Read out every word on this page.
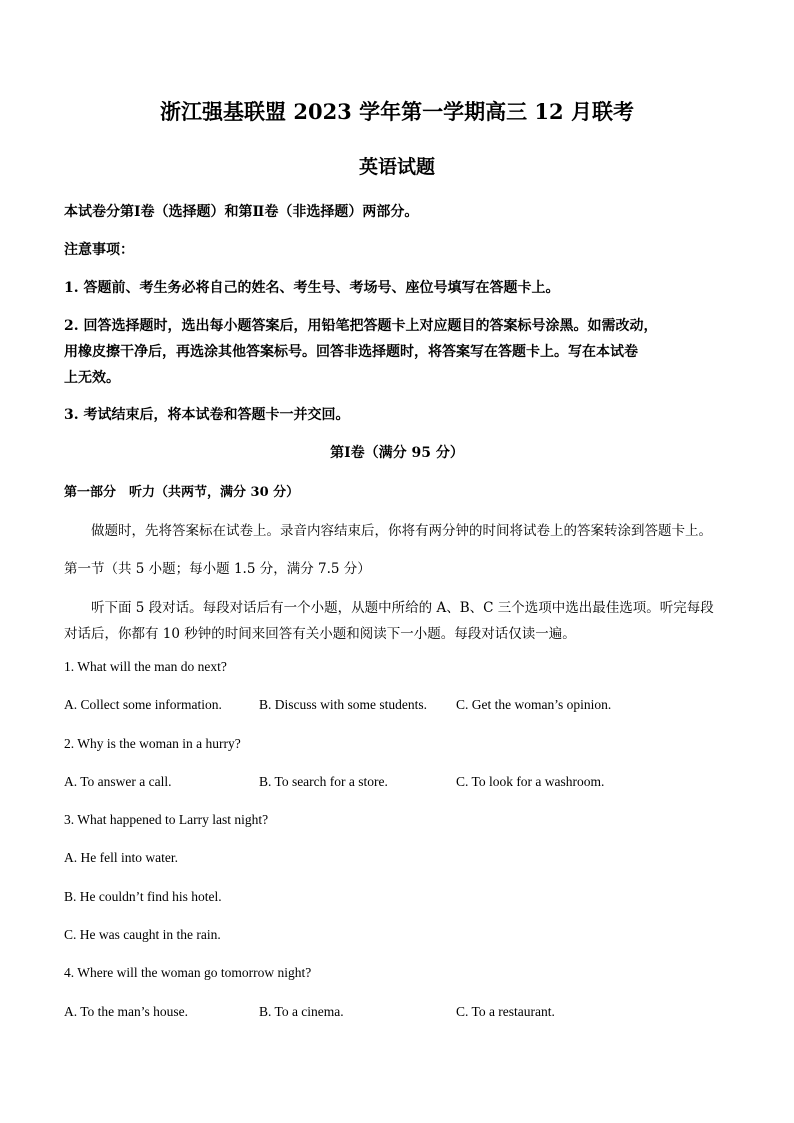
浙江强基联盟 2023 学年第一学期高三 12 月联考
英语试题
本试卷分第Ⅰ卷（选择题）和第Ⅱ卷（非选择题）两部分。
注意事项：
1. 答题前、考生务必将自己的姓名、考生号、考场号、座位号填写在答题卡上。
2. 回答选择题时，选出每小题答案后，用铅笔把答题卡上对应题目的答案标号涂黑。如需改动，
用橡皮擦干净后，再选涂其他答案标号。回答非选择题时，将答案写在答题卡上。写在本试卷
上无效。
3. 考试结束后，将本试卷和答题卡一并交回。
第Ⅰ卷（满分 95 分）
第一部分　听力（共两节，满分 30 分）
做题时，先将答案标在试卷上。录音内容结束后，你将有两分钟的时间将试卷上的答案转涂到答题卡上。
第一节（共 5 小题；每小题 1.5 分，满分 7.5 分）
听下面 5 段对话。每段对话后有一个小题，从题中所给的 A、B、C 三个选项中选出最佳选项。听完每段
对话后，你都有 10 秒钟的时间来回答有关小题和阅读下一小题。每段对话仅读一遍。
1. What will the man do next?
A. Collect some information.	B. Discuss with some students. C. Get the woman’s opinion.
2. Why is the woman in a hurry?
A. To answer a call.	B. To search for a store.	C. To look for a washroom.
3. What happened to Larry last night?
A. He fell into water.
B. He couldn’t find his hotel.
C. He was caught in the rain.
4. Where will the woman go tomorrow night?
A. To the man’s house.	B. To a cinema.	C. To a restaurant.
